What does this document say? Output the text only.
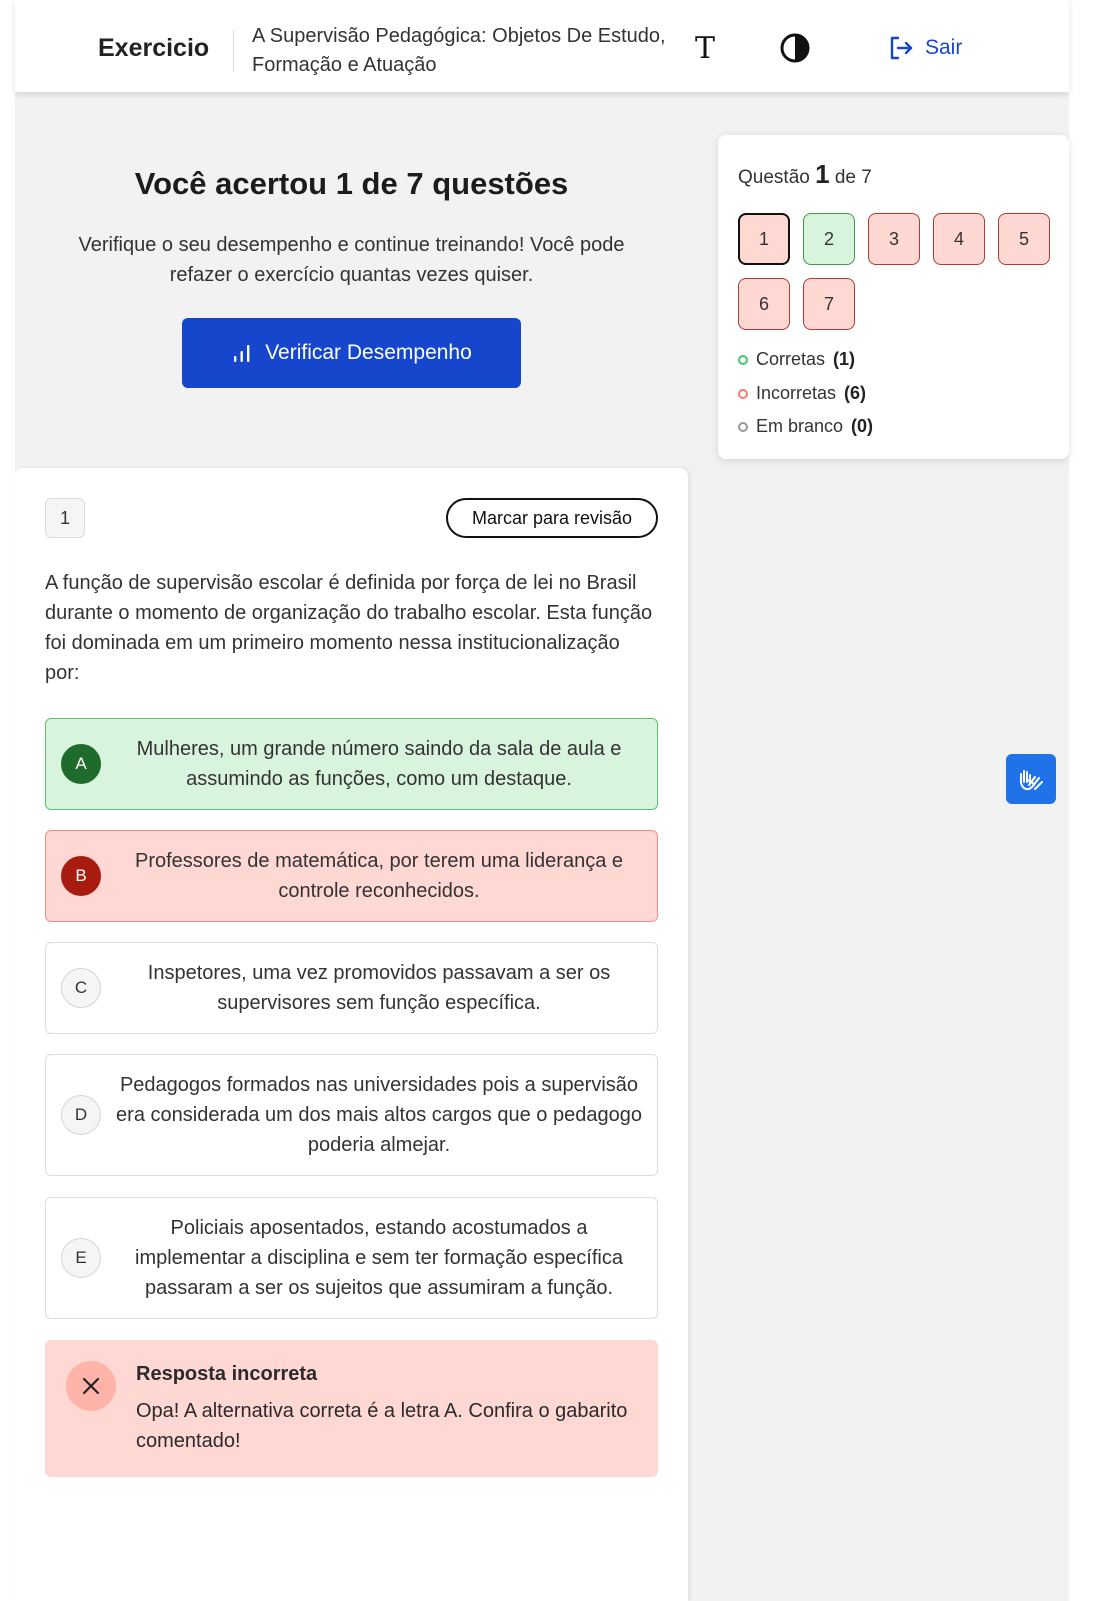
Exercicio A Supervisão Pedagógica: Objetos De Estudo, Formação e Atuação	T	Sair
Você acertou 1 de 7 questões
Verifique o seu desempenho e continue treinando! Você pode refazer o exercício quantas vezes quiser.
Verificar Desempenho
1	Marcar para revisão
A função de supervisão escolar é definida por força de lei no Brasil durante o momento de organização do trabalho escolar. Esta função foi dominada em um primeiro momento nessa institucionalização por:
A
Mulheres, um grande número saindo da sala de aula e assumindo as funções, como um destaque.
B
Professores de matemática, por terem uma liderança e controle reconhecidos.
C
Inspetores, uma vez promovidos passavam a ser os supervisores sem função específica.
D
Pedagogos formados nas universidades pois a supervisão era considerada um dos mais altos cargos que o pedagogo poderia almejar.
E
Policiais aposentados, estando acostumados a implementar a disciplina e sem ter formação específica passaram a ser os sujeitos que assumiram a função.
Resposta incorreta
Opa! A alternativa correta é a letra A. Confira o gabarito comentado!
Questão 1 de 7
1	2	3	4	5
6	7
Corretas (1)
Incorretas (6)
Em branco (0)
